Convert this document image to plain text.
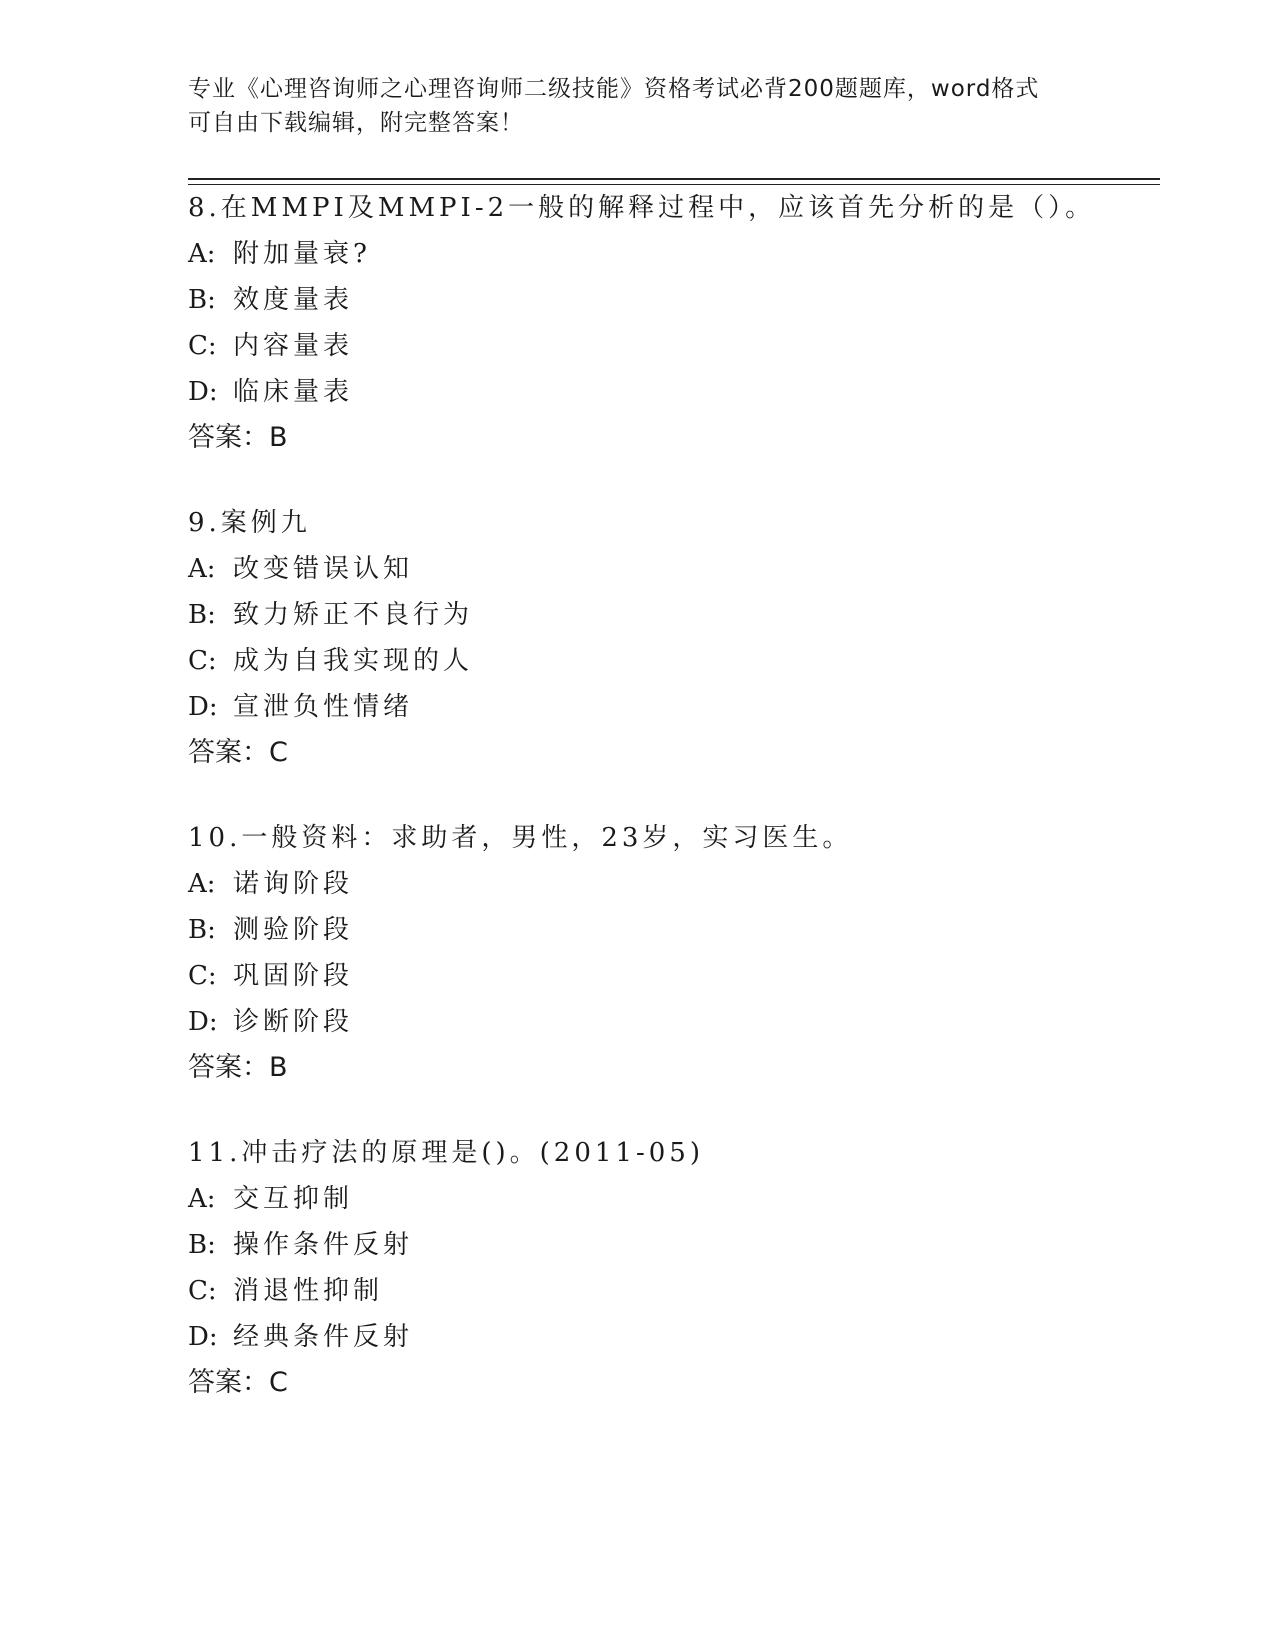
专业《心理咨询师之心理咨询师二级技能》资格考试必背200题题库，word格式
可自由下载编辑，附完整答案！
8.在MMPI及MMPI-2一般的解释过程中，应该首先分析的是（）。
A: 附加量衰?
B: 效度量表
C: 内容量表
D: 临床量表
答案：B
9.案例九
A: 改变错误认知
B: 致力矫正不良行为
C: 成为自我实现的人
D: 宣泄负性情绪
答案：C
10.一般资料：求助者，男性，23岁，实习医生。
A: 诺询阶段
B: 测验阶段
C: 巩固阶段
D: 诊断阶段
答案：B
11.冲击疗法的原理是()。(2011-05)
A: 交互抑制
B: 操作条件反射
C: 消退性抑制
D: 经典条件反射
答案：C
